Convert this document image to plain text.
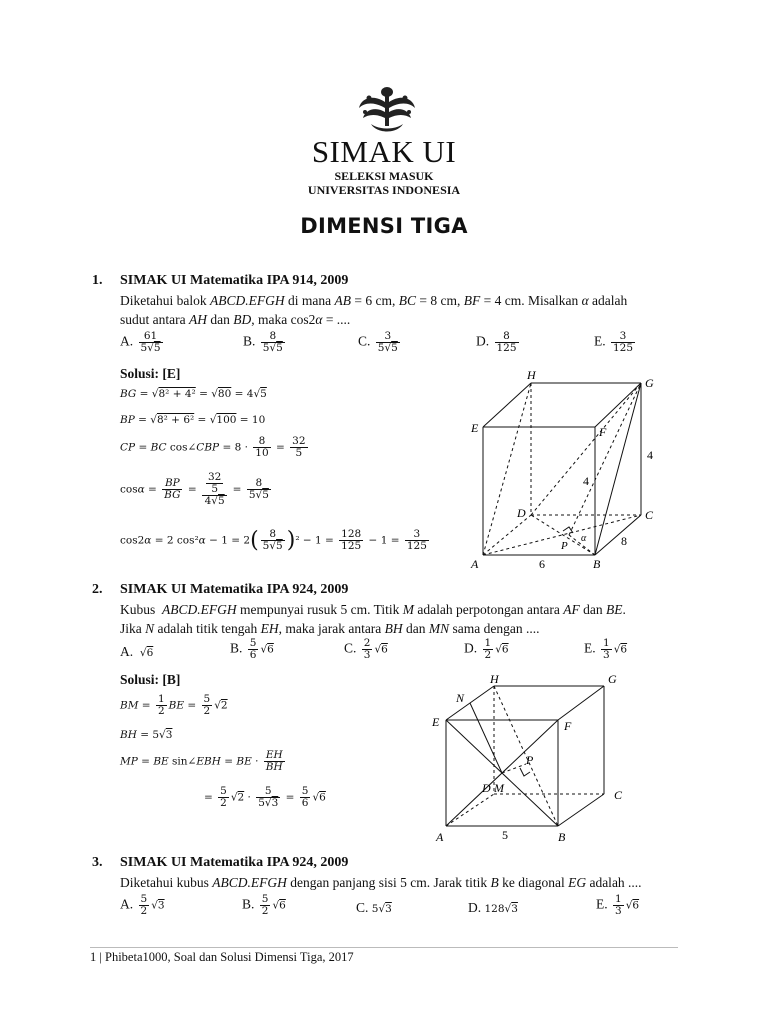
SIMAK UI
SELEKSI MASUK
UNIVERSITAS INDONESIA
DIMENSI TIGA
1. SIMAK UI Matematika IPA 914, 2009
Diketahui balok ABCD.EFGH di mana AB = 6 cm, BC = 8 cm, BF = 4 cm. Misalkan α adalah
sudut antara AH dan BD, maka cos2α = ....
A. $\frac{61}{5√5}$	B. $\frac{8}{5√5}$	C. $\frac{3}{5√5}$	D. $\frac{8}{125}$	E. $\frac{3}{125}$
Solusi: [E]
BG = √8² + 4² = √80 = 4√5
BP = √8² + 6² = √100 = 10
CP = BC cos∠CBP = $8 \cdot \frac{8}{10} = \frac{32}{5}$
$\cos\alpha = \frac{BP}{BG} = \frac{\frac{32}{5}}{4√5} = \frac{8}{5√5}$
cos2α = 2 $\cos^2\alpha - 1 = 2( \frac{8}{5√5} )^2 - 1 = \frac{128}{125} - 1 = \frac{3}{125}$
A	B
C
D
E	F
G
H
P
α
6
8
4
4
2. SIMAK UI Matematika IPA 924, 2009
Kubus  ABCD.EFGH mempunyai rusuk 5 cm. Titik M adalah perpotongan antara AF dan BE.
Jika N adalah titik tengah EH, maka jarak antara BH dan MN sama dengan ....
A.  √6	B. $\frac{5}{6} √6$	C. $\frac{2}{3} √6$	D. $\frac{1}{2} √6$	E. $\frac{1}{3} √6$
Solusi: [B]
BM = $\frac{1}{2}$ BE = $\frac{5}{2} √2$
BH = 5√3
MP = BE sin∠EBH = BE · $\frac{EH}{BH}$
= $\frac{5}{2} √2 \cdot \frac{5}{5√3} = \frac{5}{6} √6$
A	B
C
D
E	F
G
H
N
M
P
5
3. SIMAK UI Matematika IPA 924, 2009
Diketahui kubus ABCD.EFGH dengan panjang sisi 5 cm. Jarak titik B ke diagonal EG adalah ....
A. $\frac{5}{2} √3$	B. $\frac{5}{2} √6$	C. 5√3	D. 128√3	E. $\frac{1}{3} √6$
1 | Phibeta1000, Soal dan Solusi Dimensi Tiga, 2017
